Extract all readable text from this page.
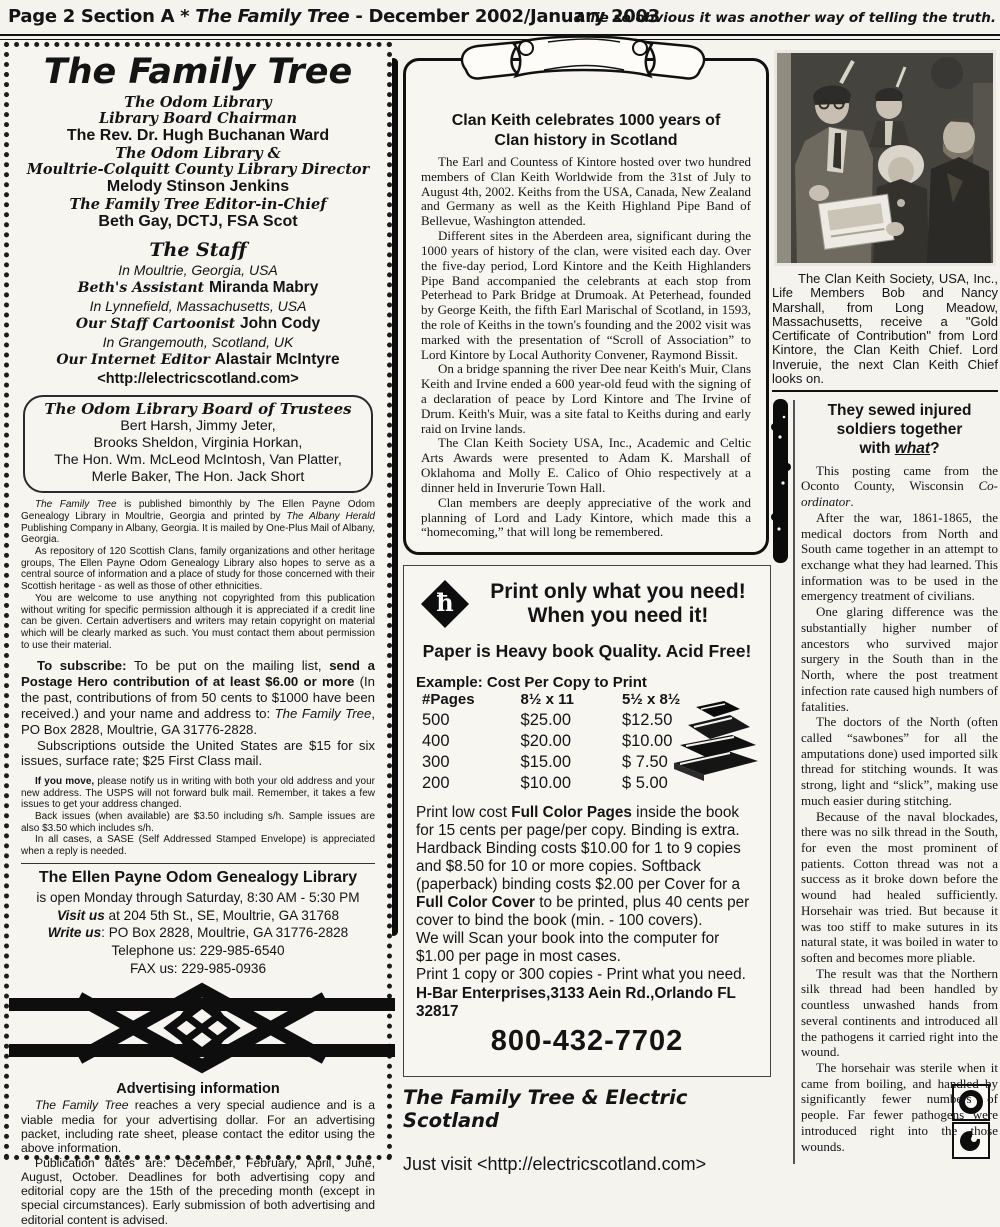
Page 2 Section A * The Family Tree - December 2002/January 2003
A lie so obvious it was another way of telling the truth.
The Family Tree
The Odom Library
Library Board Chairman
The Rev. Dr. Hugh Buchanan Ward
The Odom Library &
Moultrie-Colquitt County Library Director
Melody Stinson Jenkins
The Family Tree Editor-in-Chief
Beth Gay, DCTJ, FSA Scot
The Staff
In Moultrie, Georgia, USA
Beth's Assistant Miranda Mabry
In Lynnefield, Massachusetts, USA
Our Staff Cartoonist John Cody
In Grangemouth, Scotland, UK
Our Internet Editor Alastair McIntyre
<http://electricscotland.com>
The Odom Library Board of Trustees
Bert Harsh, Jimmy Jeter,
Brooks Sheldon, Virginia Horkan,
The Hon. Wm. McLeod McIntosh, Van Platter,
Merle Baker, The Hon. Jack Short

The Family Tree is published bimonthly by The Ellen Payne Odom Genealogy Library in Moultrie, Georgia and printed by The Albany Herald Publishing Company in Albany, Georgia. It is mailed by One-Plus Mail of Albany, Georgia.

As repository of 120 Scottish Clans, family organizations and other heritage groups, The Ellen Payne Odom Genealogy Library also hopes to serve as a central source of information and a place of study for those concerned with their Scottish heritage - as well as those of other ethnicities.

You are welcome to use anything not copyrighted from this publication without writing for specific permission although it is appreciated if a credit line can be given. Certain advertisers and writers may retain copyright on material which will be clearly marked as such. You must contact them about permission to use their material.

To subscribe: To be put on the mailing list, send a Postage Hero contribution of at least $6.00 or more (In the past, contributions of from 50 cents to $1000 have been received.) and your name and address to: The Family Tree, PO Box 2828, Moultrie, GA 31776-2828.

Subscriptions outside the United States are $15 for six issues, surface rate; $25 First Class mail.

If you move, please notify us in writing with both your old address and your new address. The USPS will not forward bulk mail. Remember, it takes a few issues to get your address changed.

Back issues (when available) are $3.50 including s/h. Sample issues are also $3.50 which includes s/h.

In all cases, a SASE (Self Addressed Stamped Envelope) is appreciated when a reply is needed.

The Ellen Payne Odom Genealogy Library
is open Monday through Saturday, 8:30 AM - 5:30 PM
Visit us at 204 5th St., SE, Moultrie, GA 31768
Write us: PO Box 2828, Moultrie, GA 31776-2828
Telephone us: 229-985-6540
FAX us: 229-985-0936
Advertising information

The Family Tree reaches a very special audience and is a viable media for your advertising dollar. For an advertising packet, including rate sheet, please contact the editor using the above information.

Publication dates are: December, February, April, June, August, October. Deadlines for both advertising copy and editorial copy are the 15th of the preceding month (except in special circumstances). Early submission of both advertising and editorial content is advised.

Clan Keith celebrates 1000 years of
Clan history in Scotland

The Earl and Countess of Kintore hosted over two hundred members of Clan Keith Worldwide from the 31st of July to August 4th, 2002. Keiths from the USA, Canada, New Zealand and Germany as well as the Keith Highland Pipe Band of Bellevue, Washington attended.

Different sites in the Aberdeen area, significant during the 1000 years of history of the clan, were visited each day. Over the five-day period, Lord Kintore and the Keith Highlanders Pipe Band accompanied the celebrants at each stop from Peterhead to Park Bridge at Drumoak. At Peterhead, founded by George Keith, the fifth Earl Marischal of Scotland, in 1593, the role of Keiths in the town's founding and the 2002 visit was marked with the presentation of “Scroll of Association” to Lord Kintore by Local Authority Convener, Raymond Bissit.

On a bridge spanning the river Dee near Keith's Muir, Clans Keith and Irvine ended a 600 year-old feud with the signing of a declaration of peace by Lord Kintore and The Irvine of Drum. Keith's Muir, was a site fatal to Keiths during and early raid on Irvine lands.

The Clan Keith Society USA, Inc., Academic and Celtic Arts Awards were presented to Adam K. Marshall of Oklahoma and Molly E. Calico of Ohio respectively at a dinner held in Inverurie Town Hall.

Clan members are deeply appreciative of the work and planning of Lord and Lady Kintore, which made this a “homecoming,” that will long be remembered.

ħ	Print only what you need!
When you need it!
Paper is Heavy book Quality. Acid Free!
Example: Cost Per Copy to Print
#Pages	8½ x 11	5½ x 8½
500	$25.00	$12.50
400	$20.00	$10.00
300	$15.00	$ 7.50
200	$10.00	$ 5.00
Print low cost Full Color Pages inside the book for 15 cents per page/per copy. Binding is extra. Hardback Binding costs $10.00 for 1 to 9 copies and $8.50 for 10 or more copies. Softback (paperback) binding costs $2.00 per Cover for a Full Color Cover to be printed, plus 40 cents per cover to bind the book (min. - 100 covers).
We will Scan your book into the computer for $1.00 per page in most cases.
Print 1 copy or 300 copies - Print what you need.
H-Bar Enterprises,3133 Aein Rd.,Orlando FL 32817
800-432-7702
The Family Tree & Electric Scotland
Just visit <http://electricscotland.com>

The Clan Keith Society, USA, Inc., Life Members Bob and Nancy Marshall, from Long Meadow, Massachusetts, receive a "Gold Certificate of Contribution" from Lord Kintore, the Clan Keith Chief. Lord Inveruie, the next Clan Keith Chief looks on.

They sewed injured
soldiers together
with what?

This posting came from the Oconto County, Wisconsin Co-ordinator.

After the war, 1861-1865, the medical doctors from North and South came together in an attempt to exchange what they had learned. This information was to be used in the emergency treatment of civilians.

One glaring difference was the substantially higher number of ancestors who survived major surgery in the South than in the North, where the post treatment infection rate caused high numbers of fatalities.

The doctors of the North (often called “sawbones” for all the amputations done) used imported silk thread for stitching wounds. It was strong, light and “slick”, making use much easier during stitching.

Because of the naval blockades, there was no silk thread in the South, for even the most prominent of patients. Cotton thread was not a success as it broke down before the wound had healed sufficiently. Horsehair was tried. But because it was too stiff to make sutures in its natural state, it was boiled in water to soften and becomes more pliable.

The result was that the Northern silk thread had been handled by countless unwashed hands from several continents and introduced all the pathogens it carried right into the wound.

The horsehair was sterile when it came from boiling, and handled by significantly fewer numbers of people. Far fewer pathogens were introduced right into the those wounds.
